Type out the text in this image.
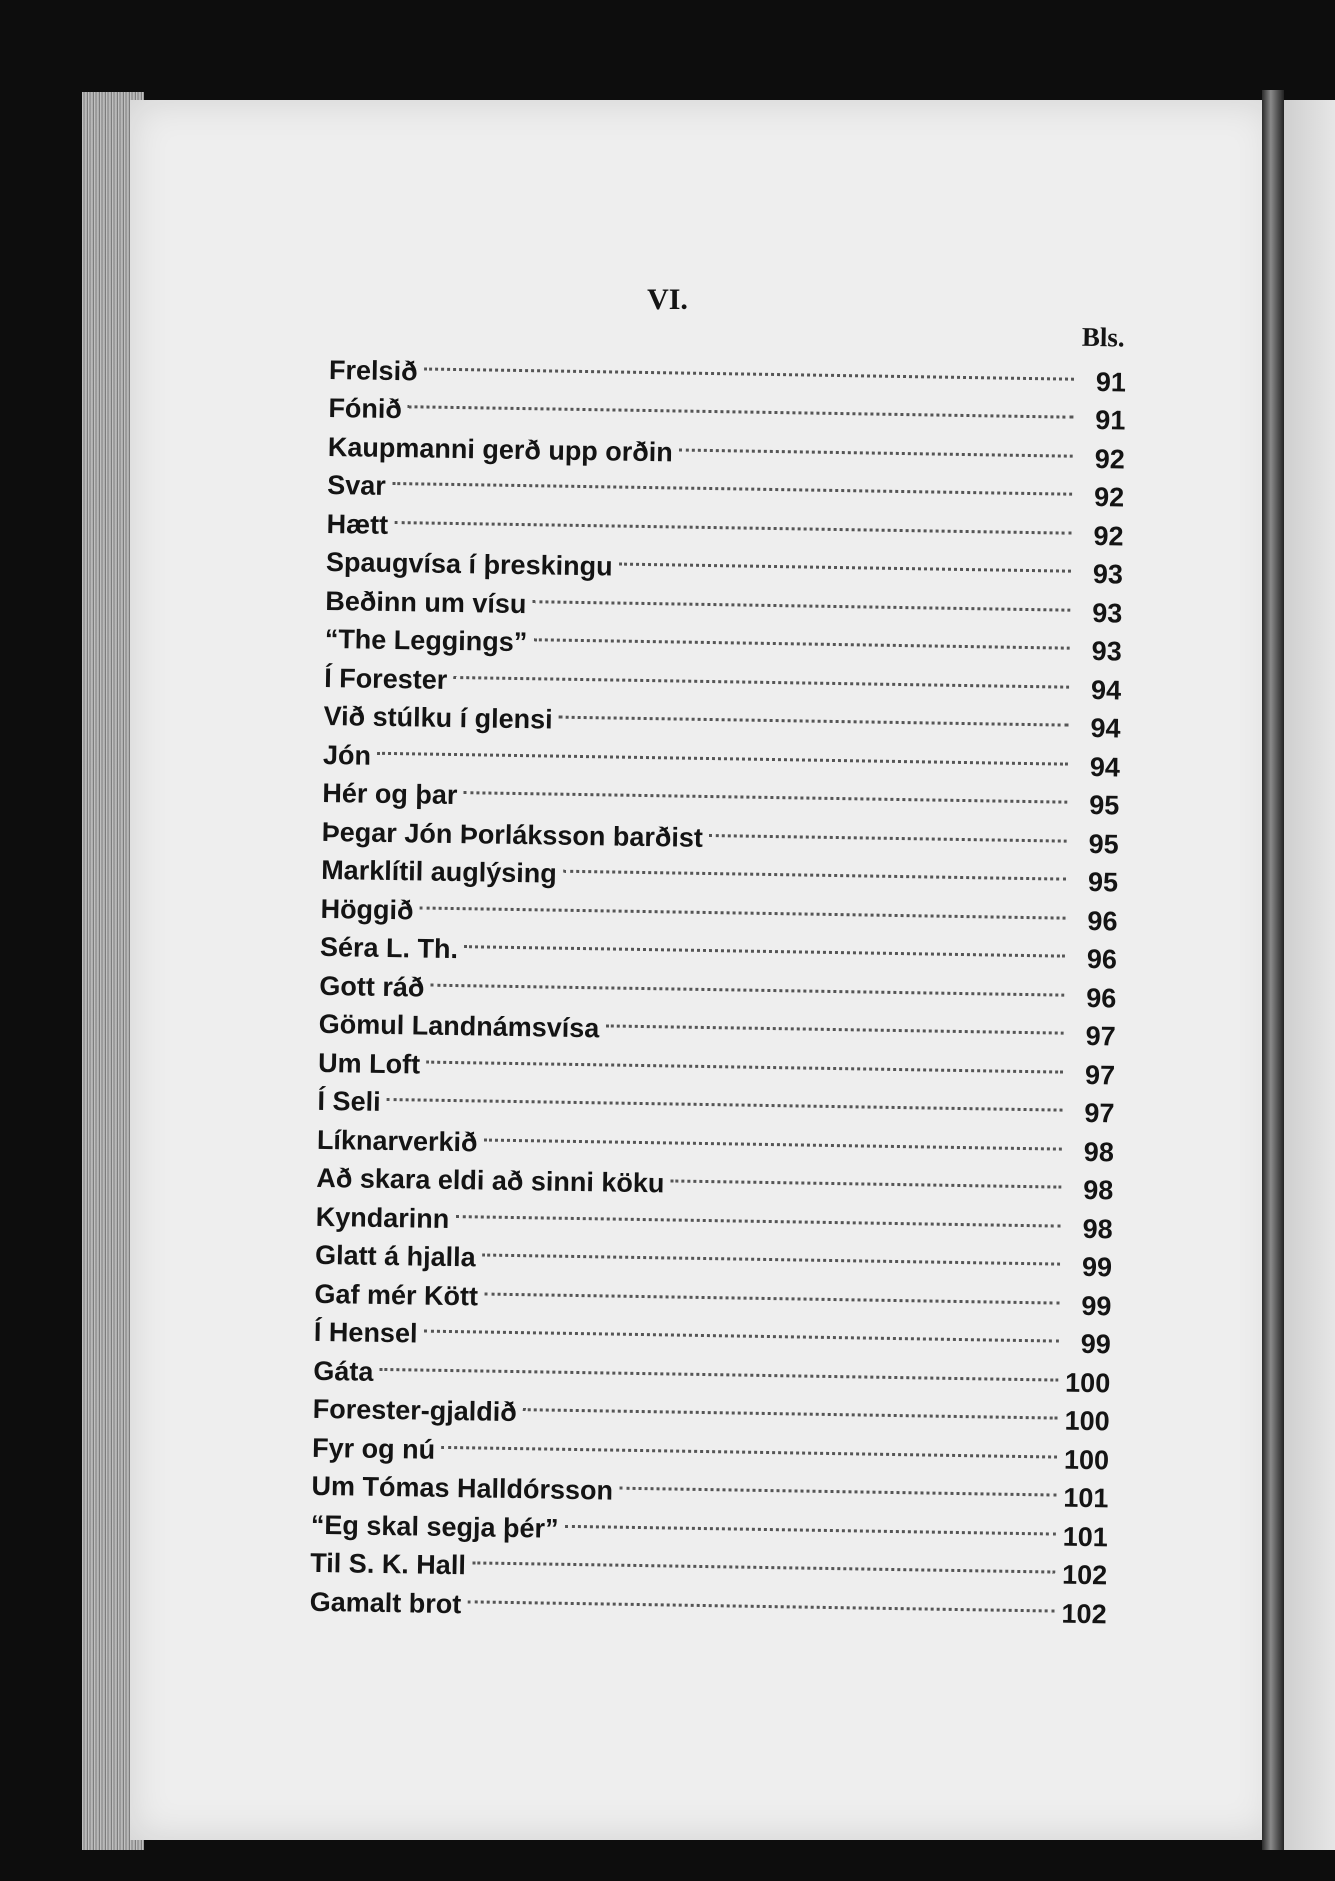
VI.
Bls.
Frelsið	91
Fónið	91
Kaupmanni gerð upp orðin	92
Svar	92
Hætt	92
Spaugvísa í þreskingu	93
Beðinn um vísu	93
“The Leggings”	93
Í Forester	94
Við stúlku í glensi	94
Jón	94
Hér og þar	95
Þegar Jón Þorláksson barðist	95
Marklítil auglýsing	95
Höggið	96
Séra L. Th.	96
Gott ráð	96
Gömul Landnámsvísa	97
Um Loft	97
Í Seli	97
Líknarverkið	98
Að skara eldi að sinni köku	98
Kyndarinn	98
Glatt á hjalla	99
Gaf mér Kött	99
Í Hensel	99
Gáta	100
Forester-gjaldið	100
Fyr og nú	100
Um Tómas Halldórsson	101
“Eg skal segja þér”	101
Til S. K. Hall	102
Gamalt brot	102
